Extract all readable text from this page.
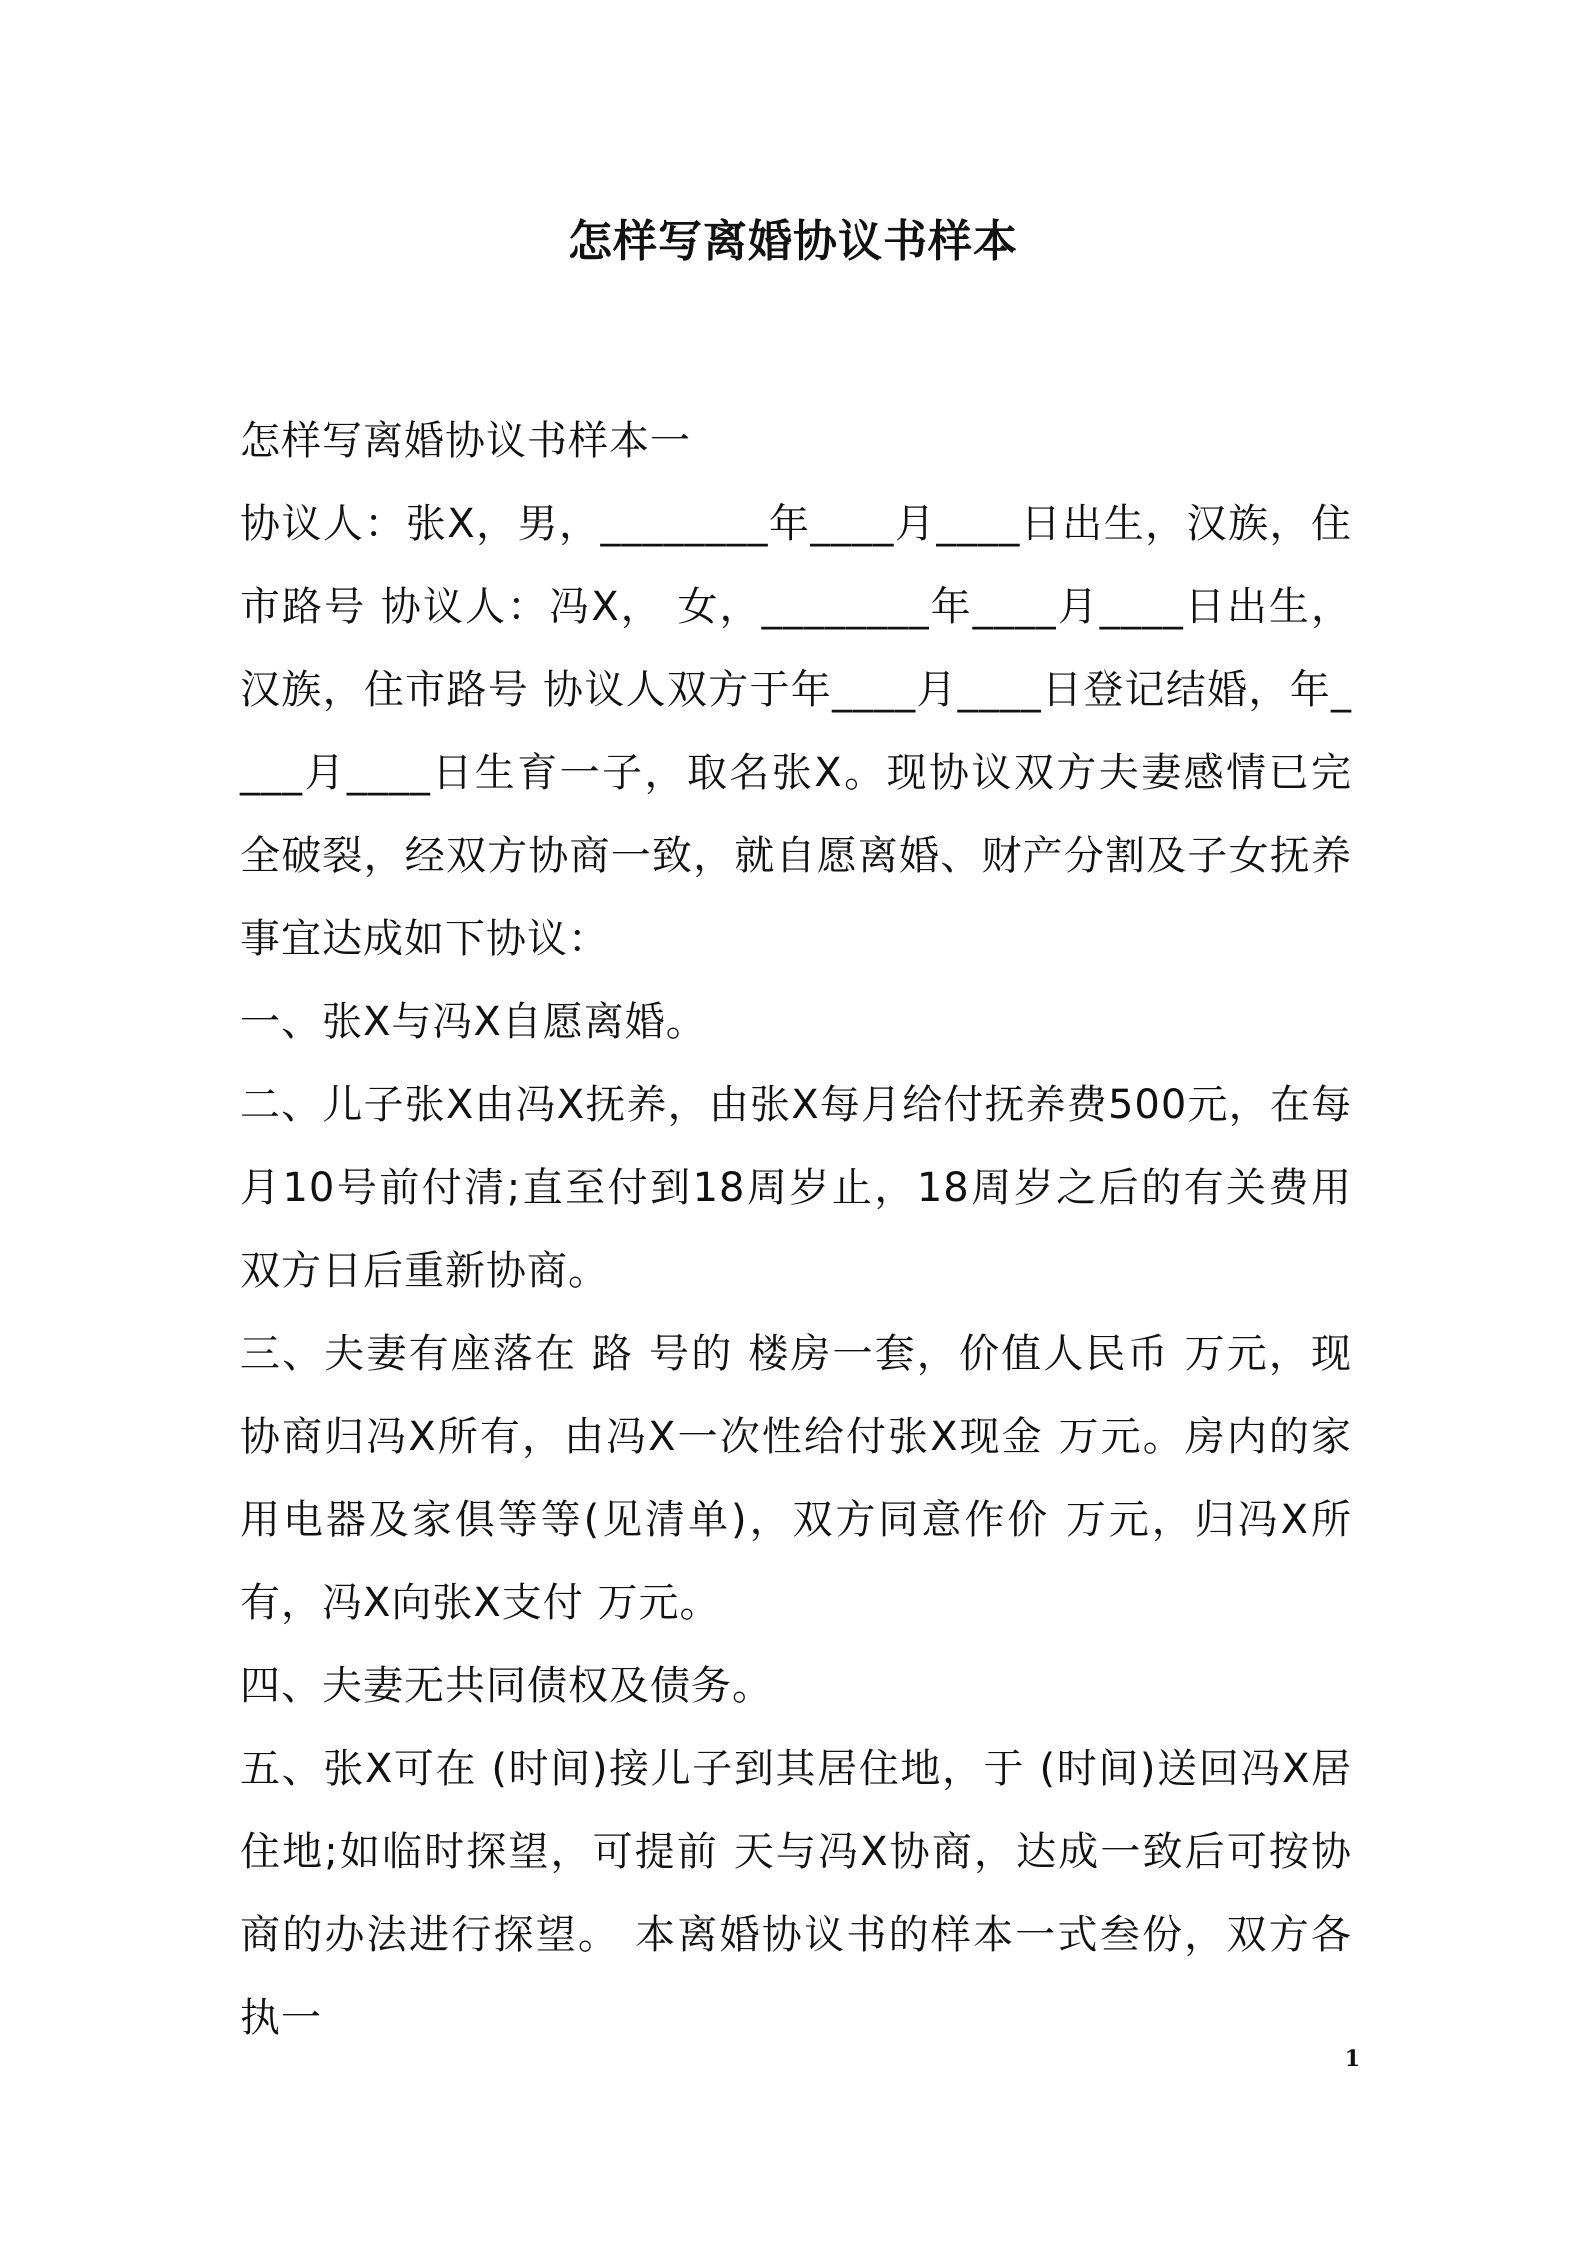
怎样写离婚协议书样本

怎样写离婚协议书样本一

协议人：张X，男，________年____月____日出生，汉族，住市路号 协议人：冯X， 女，________年____月____日出生，汉族，住市路号 协议人双方于年____月____日登记结婚，年____月____日生育一子，取名张X。现协议双方夫妻感情已完全破裂，经双方协商一致，就自愿离婚、财产分割及子女抚养事宜达成如下协议：

一、张X与冯X自愿离婚。

二、儿子张X由冯X抚养，由张X每月给付抚养费500元，在每月10号前付清;直至付到18周岁止，18周岁之后的有关费用双方日后重新协商。

三、夫妻有座落在 路 号的 楼房一套，价值人民币 万元，现协商归冯X所有，由冯X一次性给付张X现金 万元。房内的家用电器及家俱等等(见清单)，双方同意作价 万元，归冯X所有，冯X向张X支付 万元。

四、夫妻无共同债权及债务。

五、张X可在 (时间)接儿子到其居住地，于 (时间)送回冯X居住地;如临时探望，可提前 天与冯X协商，达成一致后可按协商的办法进行探望。 本离婚协议书的样本一式叁份，双方各执一

1
